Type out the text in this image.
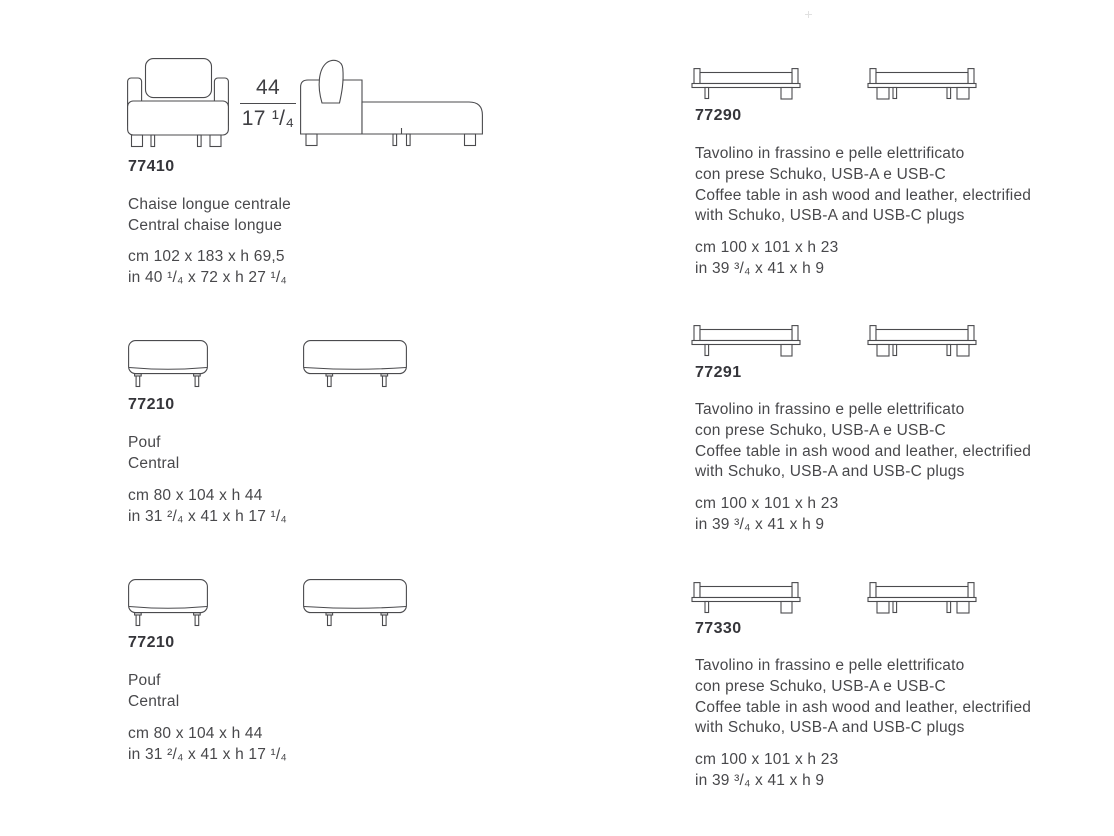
44
17 ¹/₄
77410
Chaise longue centrale
Central chaise longue
cm 102 x 183 x h 69,5
in 40 ¹/₄ x 72 x h 27 ¹/₄
77210
Pouf
Central
cm 80 x 104 x h 44
in 31 ²/₄ x 41 x h 17 ¹/₄
77210
Pouf
Central
cm 80 x 104 x h 44
in 31 ²/₄ x 41 x h 17 ¹/₄
77290
Tavolino in frassino e pelle elettrificato
con prese Schuko, USB-A e USB-C
Coffee table in ash wood and leather, electrified
with Schuko, USB-A and USB-C plugs
cm 100 x 101 x h 23
in 39 ³/₄ x 41 x h 9
77291
Tavolino in frassino e pelle elettrificato
con prese Schuko, USB-A e USB-C
Coffee table in ash wood and leather, electrified
with Schuko, USB-A and USB-C plugs
cm 100 x 101 x h 23
in 39 ³/₄ x 41 x h 9
77330
Tavolino in frassino e pelle elettrificato
con prese Schuko, USB-A e USB-C
Coffee table in ash wood and leather, electrified
with Schuko, USB-A and USB-C plugs
cm 100 x 101 x h 23
in 39 ³/₄ x 41 x h 9
